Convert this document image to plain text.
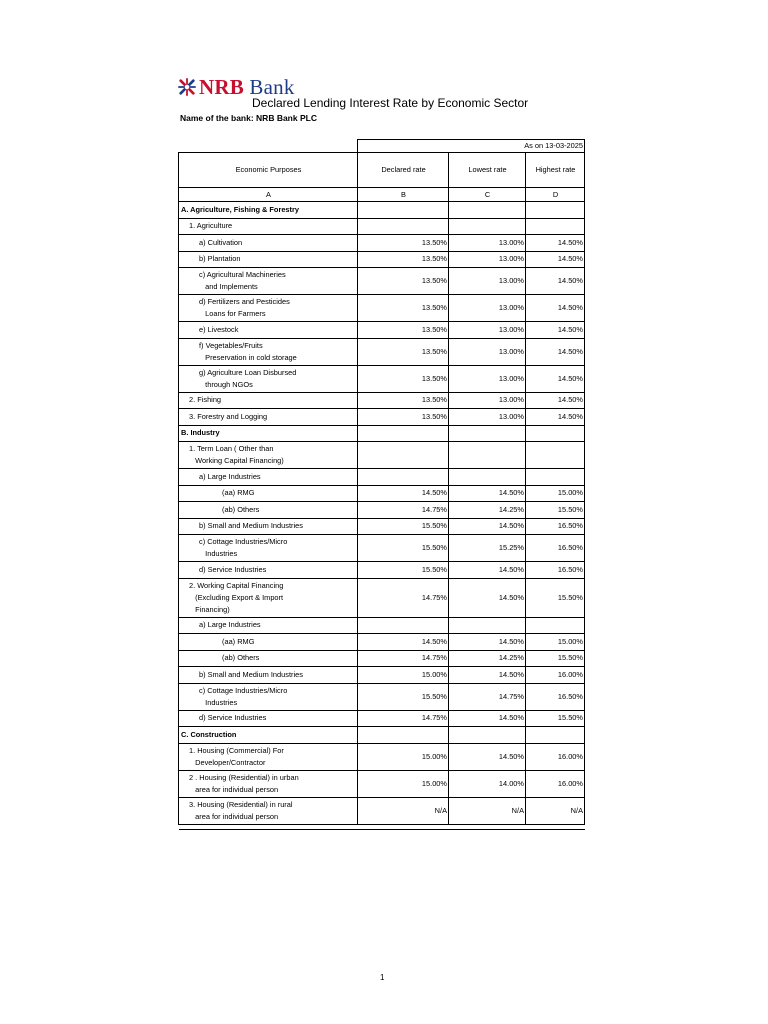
NRB Bank
Declared Lending Interest Rate by Economic Sector
Name of the bank: NRB Bank PLC
	As on 13-03-2025		
Economic Purposes	Declared rate	Lowest rate	Highest rate
A	B	C	D
A. Agriculture, Fishing & Forestry			
1. Agriculture			
a) Cultivation	13.50%	13.00%	14.50%
b) Plantation	13.50%	13.00%	14.50%
c) Agricultural Machineries
and Implements	13.50%	13.00%	14.50%
d) Fertilizers and Pesticides
Loans for Farmers	13.50%	13.00%	14.50%
e) Livestock	13.50%	13.00%	14.50%
f) Vegetables/Fruits
Preservation in cold storage	13.50%	13.00%	14.50%
g) Agriculture Loan Disbursed
through NGOs	13.50%	13.00%	14.50%
2. Fishing	13.50%	13.00%	14.50%
3. Forestry and Logging	13.50%	13.00%	14.50%
B. Industry			
1. Term Loan ( Other than
Working Capital Financing)			
a) Large Industries			
(aa) RMG	14.50%	14.50%	15.00%
(ab) Others	14.75%	14.25%	15.50%
b) Small and Medium Industries	15.50%	14.50%	16.50%
c) Cottage Industries/Micro
Industries	15.50%	15.25%	16.50%
d) Service Industries	15.50%	14.50%	16.50%
2. Working Capital Financing
(Excluding Export & Import
Financing)	14.75%	14.50%	15.50%
a) Large Industries			
(aa) RMG	14.50%	14.50%	15.00%
(ab) Others	14.75%	14.25%	15.50%
b) Small and Medium Industries	15.00%	14.50%	16.00%
c) Cottage Industries/Micro
Industries	15.50%	14.75%	16.50%
d) Service Industries	14.75%	14.50%	15.50%
C. Construction			
1. Housing (Commercial) For
Developer/Contractor	15.00%	14.50%	16.00%
2 . Housing (Residential) in urban
area for individual person	15.00%	14.00%	16.00%
3. Housing (Residential) in rural
area for individual person	N/A	N/A	N/A

1
